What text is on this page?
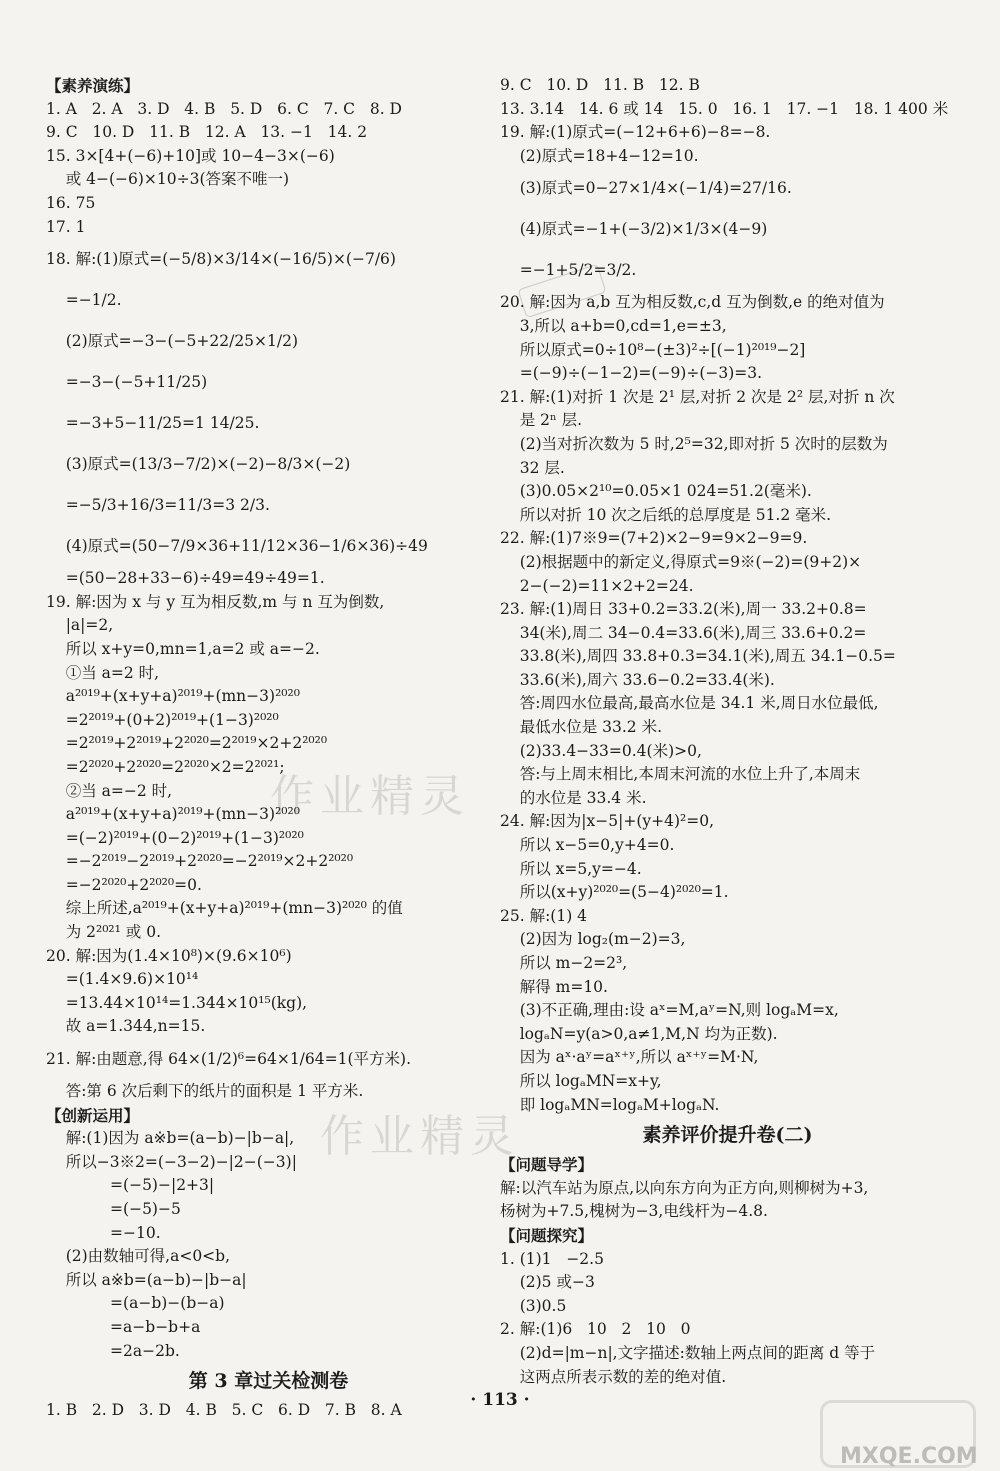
作业精灵
作业精灵
【素养演练】
1. A   2. A   3. D   4. B   5. D   6. C   7. C   8. D
9. C   10. D   11. B   12. A   13. −1   14. 2
15. 3×[4+(−6)+10]或 10−4−3×(−6)
或 4−(−6)×10÷3(答案不唯一)
16. 75
17. 1
18. 解:(1)原式=(−5/8)×3/14×(−16/5)×(−7/6)
=−1/2.
(2)原式=−3−(−5+22/25×1/2)
=−3−(−5+11/25)
=−3+5−11/25=1 14/25.
(3)原式=(13/3−7/2)×(−2)−8/3×(−2)
=−5/3+16/3=11/3=3 2/3.
(4)原式=(50−7/9×36+11/12×36−1/6×36)÷49
=(50−28+33−6)÷49=49÷49=1.
19. 解:因为 x 与 y 互为相反数,m 与 n 互为倒数,
|a|=2,
所以 x+y=0,mn=1,a=2 或 a=−2.
①当 a=2 时,
a²⁰¹⁹+(x+y+a)²⁰¹⁹+(mn−3)²⁰²⁰
=2²⁰¹⁹+(0+2)²⁰¹⁹+(1−3)²⁰²⁰
=2²⁰¹⁹+2²⁰¹⁹+2²⁰²⁰=2²⁰¹⁹×2+2²⁰²⁰
=2²⁰²⁰+2²⁰²⁰=2²⁰²⁰×2=2²⁰²¹;
②当 a=−2 时,
a²⁰¹⁹+(x+y+a)²⁰¹⁹+(mn−3)²⁰²⁰
=(−2)²⁰¹⁹+(0−2)²⁰¹⁹+(1−3)²⁰²⁰
=−2²⁰¹⁹−2²⁰¹⁹+2²⁰²⁰=−2²⁰¹⁹×2+2²⁰²⁰
=−2²⁰²⁰+2²⁰²⁰=0.
综上所述,a²⁰¹⁹+(x+y+a)²⁰¹⁹+(mn−3)²⁰²⁰ 的值
为 2²⁰²¹ 或 0.
20. 解:因为(1.4×10⁸)×(9.6×10⁶)
=(1.4×9.6)×10¹⁴
=13.44×10¹⁴=1.344×10¹⁵(kg),
故 a=1.344,n=15.
21. 解:由题意,得 64×(1/2)⁶=64×1/64=1(平方米).
答:第 6 次后剩下的纸片的面积是 1 平方米.
【创新运用】
解:(1)因为 a※b=(a−b)−|b−a|,
所以−3※2=(−3−2)−|2−(−3)|
=(−5)−|2+3|
=(−5)−5
=−10.
(2)由数轴可得,a<0<b,
所以 a※b=(a−b)−|b−a|
=(a−b)−(b−a)
=a−b−b+a
=2a−2b.
第 3 章过关检测卷
1. B   2. D   3. D   4. B   5. C   6. D   7. B   8. A
9. C   10. D   11. B   12. B
13. 3.14   14. 6 或 14   15. 0   16. 1   17. −1   18. 1 400 米
19. 解:(1)原式=(−12+6+6)−8=−8.
(2)原式=18+4−12=10.
(3)原式=0−27×1/4×(−1/4)=27/16.
(4)原式=−1+(−3/2)×1/3×(4−9)
=−1+5/2=3/2.
20. 解:因为 a,b 互为相反数,c,d 互为倒数,e 的绝对值为
3,所以 a+b=0,cd=1,e=±3,
所以原式=0÷10⁸−(±3)²÷[(−1)²⁰¹⁹−2]
=(−9)÷(−1−2)=(−9)÷(−3)=3.
21. 解:(1)对折 1 次是 2¹ 层,对折 2 次是 2² 层,对折 n 次
是 2ⁿ 层.
(2)当对折次数为 5 时,2⁵=32,即对折 5 次时的层数为
32 层.
(3)0.05×2¹⁰=0.05×1 024=51.2(毫米).
所以对折 10 次之后纸的总厚度是 51.2 毫米.
22. 解:(1)7※9=(7+2)×2−9=9×2−9=9.
(2)根据题中的新定义,得原式=9※(−2)=(9+2)×
2−(−2)=11×2+2=24.
23. 解:(1)周日 33+0.2=33.2(米),周一 33.2+0.8=
34(米),周二 34−0.4=33.6(米),周三 33.6+0.2=
33.8(米),周四 33.8+0.3=34.1(米),周五 34.1−0.5=
33.6(米),周六 33.6−0.2=33.4(米).
答:周四水位最高,最高水位是 34.1 米,周日水位最低,
最低水位是 33.2 米.
(2)33.4−33=0.4(米)>0,
答:与上周末相比,本周末河流的水位上升了,本周末
的水位是 33.4 米.
24. 解:因为|x−5|+(y+4)²=0,
所以 x−5=0,y+4=0.
所以 x=5,y=−4.
所以(x+y)²⁰²⁰=(5−4)²⁰²⁰=1.
25. 解:(1) 4
(2)因为 log₂(m−2)=3,
所以 m−2=2³,
解得 m=10.
(3)不正确,理由:设 aˣ=M,aʸ=N,则 logₐM=x,
logₐN=y(a>0,a≠1,M,N 均为正数).
因为 aˣ·aʸ=aˣ⁺ʸ,所以 aˣ⁺ʸ=M·N,
所以 logₐMN=x+y,
即 logₐMN=logₐM+logₐN.
素养评价提升卷(二)
【问题导学】
解:以汽车站为原点,以向东方向为正方向,则柳树为+3,
杨树为+7.5,槐树为−3,电线杆为−4.8.
【问题探究】
1. (1)1   −2.5
(2)5 或−3
(3)0.5
2. 解:(1)6   10   2   10   0
(2)d=|m−n|,文字描述:数轴上两点间的距离 d 等于
这两点所表示数的差的绝对值.
· 113 ·
MXQE.COM
